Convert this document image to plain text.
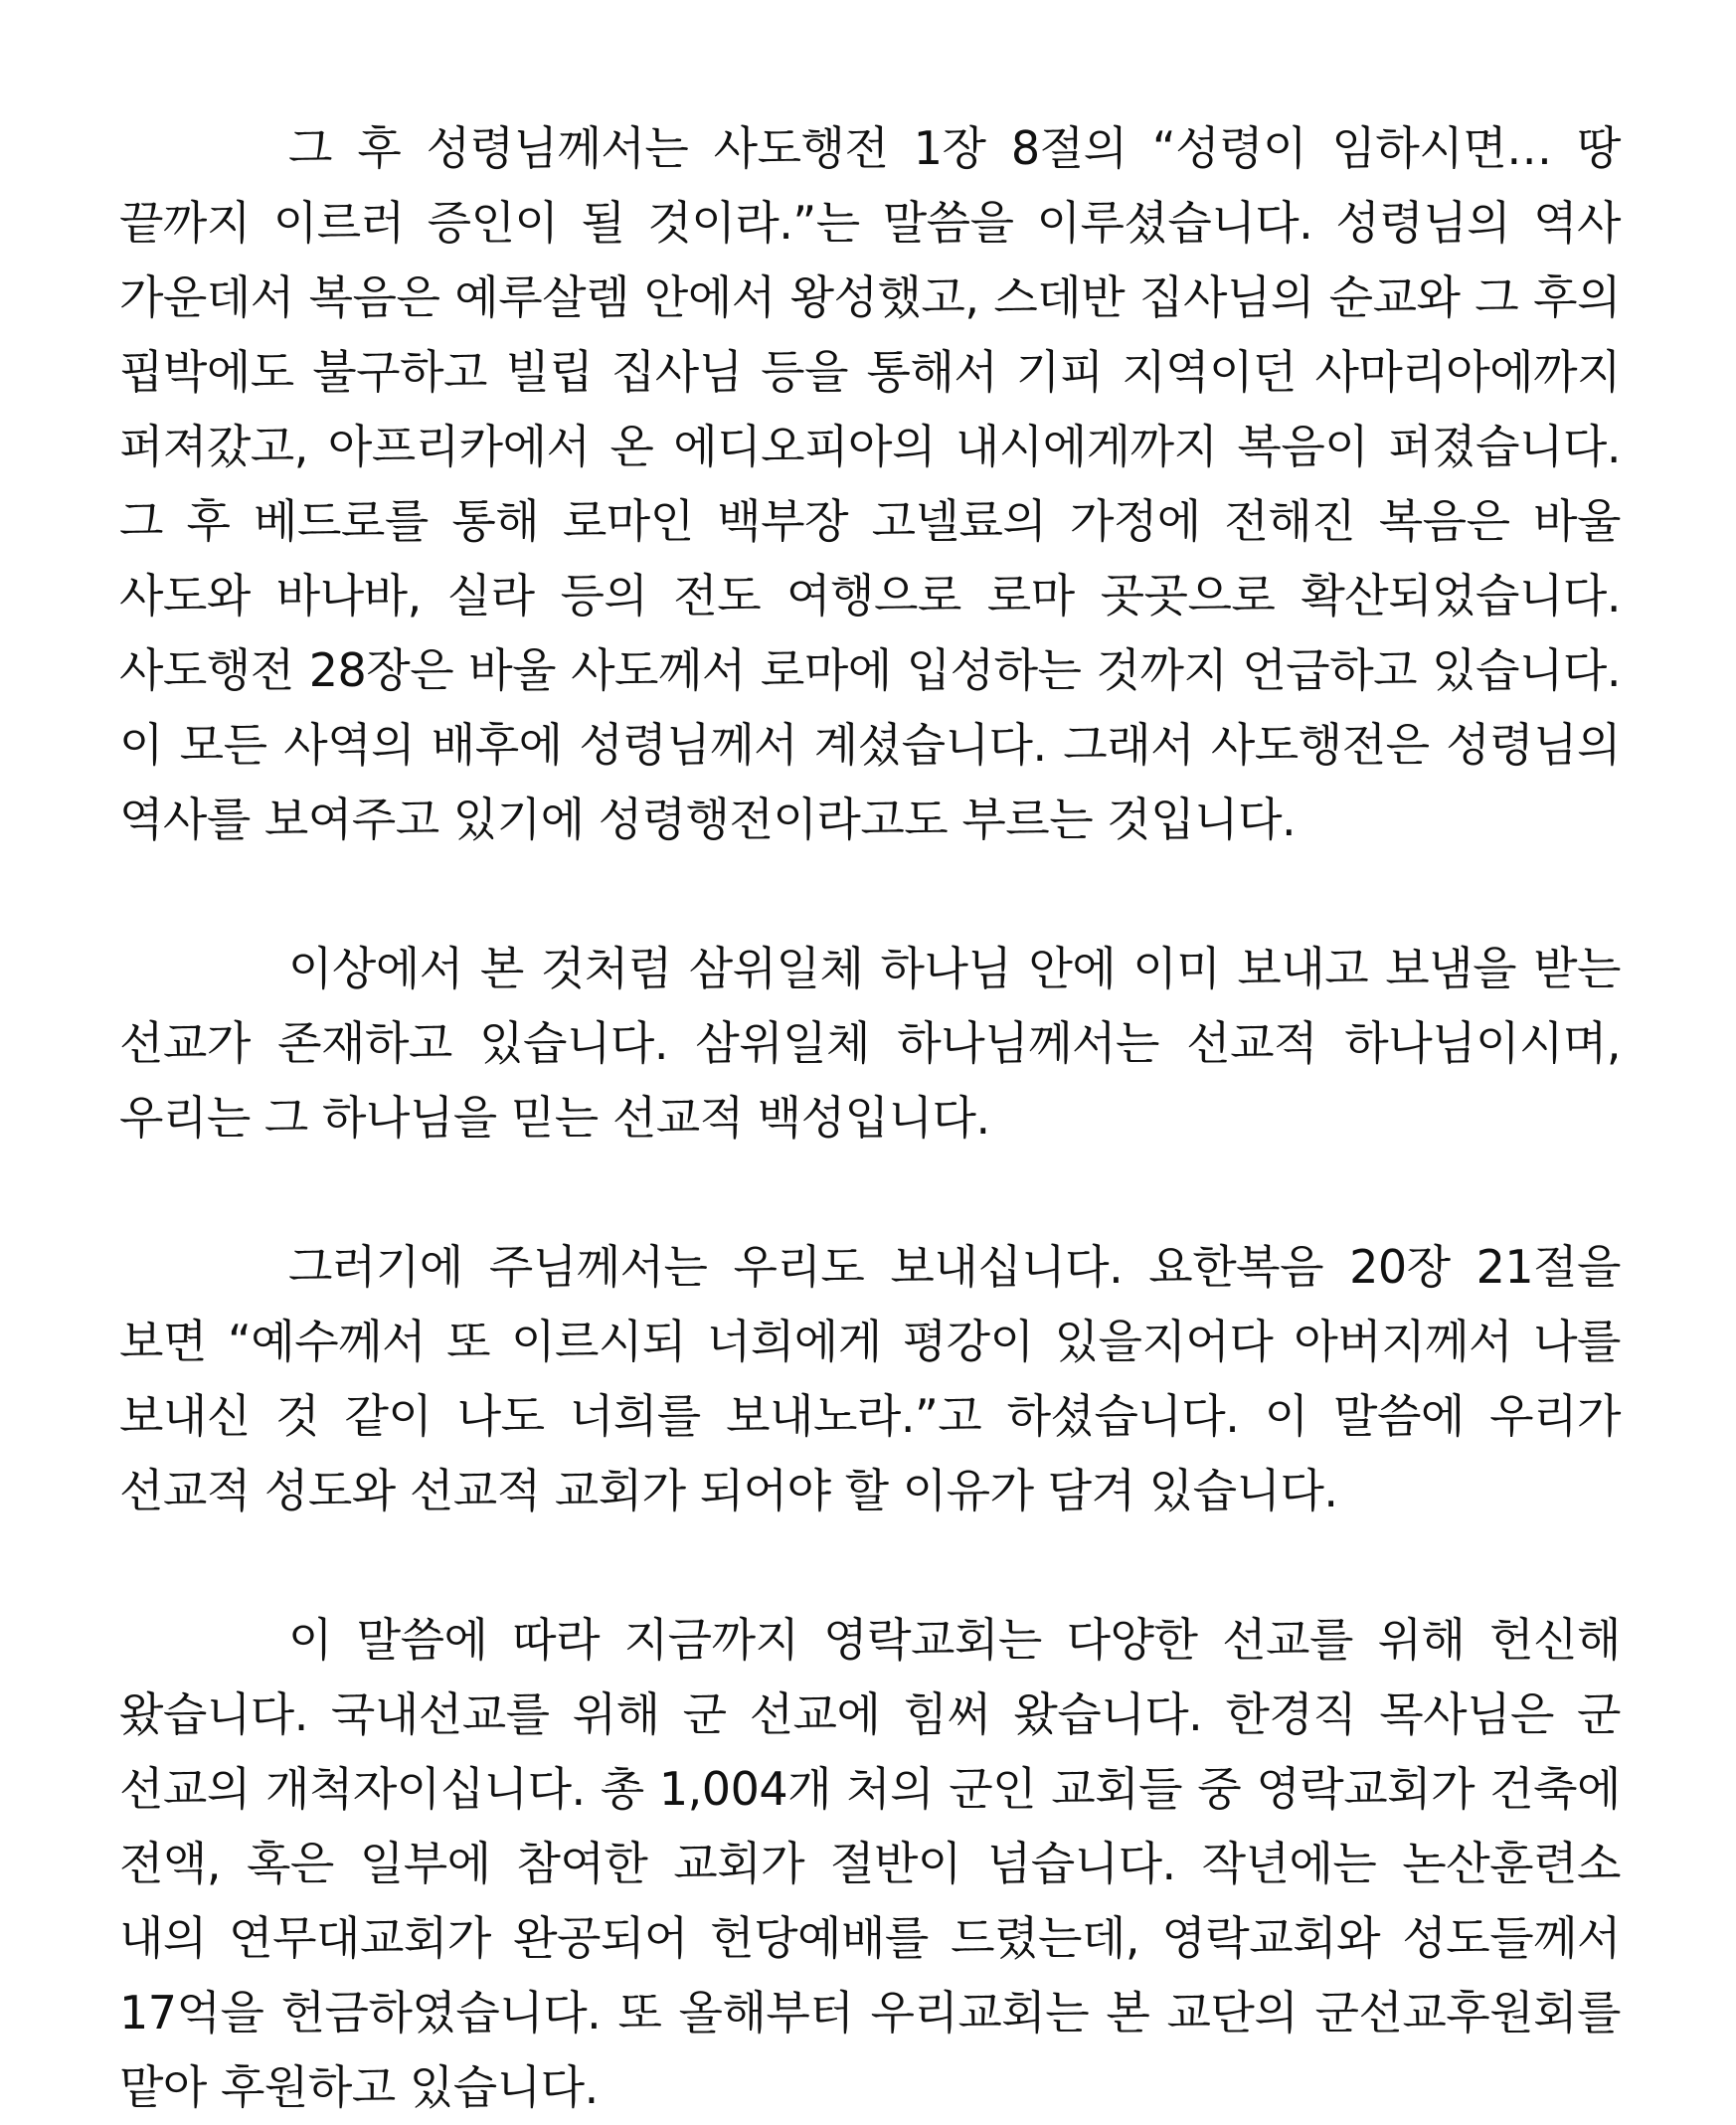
그 후 성령님께서는 사도행전 1장 8절의 “성령이 임하시면… 땅 끝까지 이르러 증인이 될 것이라.”는 말씀을 이루셨습니다. 성령님의 역사 가운데서 복음은 예루살렘 안에서 왕성했고, 스데반 집사님의 순교와 그 후의 핍박에도 불구하고 빌립 집사님 등을 통해서 기피 지역이던 사마리아에까지 퍼져갔고, 아프리카에서 온 에디오피아의 내시에게까지 복음이 퍼졌습니다. 그 후 베드로를 통해 로마인 백부장 고넬료의 가정에 전해진 복음은 바울 사도와 바나바, 실라 등의 전도 여행으로 로마 곳곳으로 확산되었습니다. 사도행전 28장은 바울 사도께서 로마에 입성하는 것까지 언급하고 있습니다. 이 모든 사역의 배후에 성령님께서 계셨습니다. 그래서 사도행전은 성령님의 역사를 보여주고 있기에 성령행전이라고도 부르는 것입니다.

이상에서 본 것처럼 삼위일체 하나님 안에 이미 보내고 보냄을 받는 선교가 존재하고 있습니다. 삼위일체 하나님께서는 선교적 하나님이시며, 우리는 그 하나님을 믿는 선교적 백성입니다.

그러기에 주님께서는 우리도 보내십니다. 요한복음 20장 21절을 보면 “예수께서 또 이르시되 너희에게 평강이 있을지어다 아버지께서 나를 보내신 것 같이 나도 너희를 보내노라.”고 하셨습니다. 이 말씀에 우리가 선교적 성도와 선교적 교회가 되어야 할 이유가 담겨 있습니다.

이 말씀에 따라 지금까지 영락교회는 다양한 선교를 위해 헌신해 왔습니다. 국내선교를 위해 군 선교에 힘써 왔습니다. 한경직 목사님은 군 선교의 개척자이십니다. 총 1,004개 처의 군인 교회들 중 영락교회가 건축에 전액, 혹은 일부에 참여한 교회가 절반이 넘습니다. 작년에는 논산훈련소 내의 연무대교회가 완공되어 헌당예배를 드렸는데, 영락교회와 성도들께서 17억을 헌금하였습니다. 또 올해부터 우리교회는 본 교단의 군선교후원회를 맡아 후원하고 있습니다.
